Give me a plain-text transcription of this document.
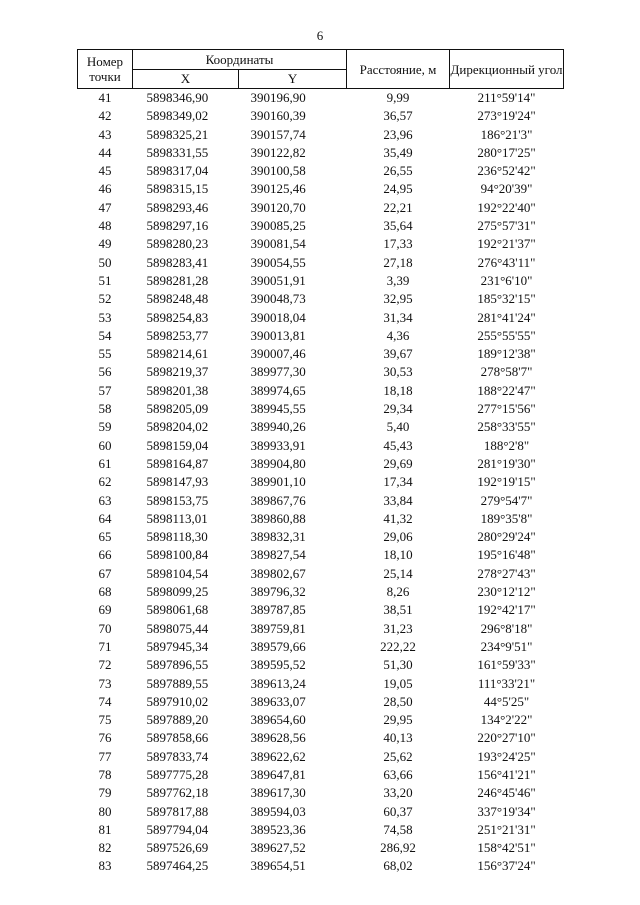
6
Номер точки	Координаты		Расстояние, м	Дирекционный угол
	X	Y		
41	5898346,90	390196,90	9,99	211°59'14"
42	5898349,02	390160,39	36,57	273°19'24"
43	5898325,21	390157,74	23,96	186°21'3"
44	5898331,55	390122,82	35,49	280°17'25"
45	5898317,04	390100,58	26,55	236°52'42"
46	5898315,15	390125,46	24,95	94°20'39"
47	5898293,46	390120,70	22,21	192°22'40"
48	5898297,16	390085,25	35,64	275°57'31"
49	5898280,23	390081,54	17,33	192°21'37"
50	5898283,41	390054,55	27,18	276°43'11"
51	5898281,28	390051,91	3,39	231°6'10"
52	5898248,48	390048,73	32,95	185°32'15"
53	5898254,83	390018,04	31,34	281°41'24"
54	5898253,77	390013,81	4,36	255°55'55"
55	5898214,61	390007,46	39,67	189°12'38"
56	5898219,37	389977,30	30,53	278°58'7"
57	5898201,38	389974,65	18,18	188°22'47"
58	5898205,09	389945,55	29,34	277°15'56"
59	5898204,02	389940,26	5,40	258°33'55"
60	5898159,04	389933,91	45,43	188°2'8"
61	5898164,87	389904,80	29,69	281°19'30"
62	5898147,93	389901,10	17,34	192°19'15"
63	5898153,75	389867,76	33,84	279°54'7"
64	5898113,01	389860,88	41,32	189°35'8"
65	5898118,30	389832,31	29,06	280°29'24"
66	5898100,84	389827,54	18,10	195°16'48"
67	5898104,54	389802,67	25,14	278°27'43"
68	5898099,25	389796,32	8,26	230°12'12"
69	5898061,68	389787,85	38,51	192°42'17"
70	5898075,44	389759,81	31,23	296°8'18"
71	5897945,34	389579,66	222,22	234°9'51"
72	5897896,55	389595,52	51,30	161°59'33"
73	5897889,55	389613,24	19,05	111°33'21"
74	5897910,02	389633,07	28,50	44°5'25"
75	5897889,20	389654,60	29,95	134°2'22"
76	5897858,66	389628,56	40,13	220°27'10"
77	5897833,74	389622,62	25,62	193°24'25"
78	5897775,28	389647,81	63,66	156°41'21"
79	5897762,18	389617,30	33,20	246°45'46"
80	5897817,88	389594,03	60,37	337°19'34"
81	5897794,04	389523,36	74,58	251°21'31"
82	5897526,69	389627,52	286,92	158°42'51"
83	5897464,25	389654,51	68,02	156°37'24"
